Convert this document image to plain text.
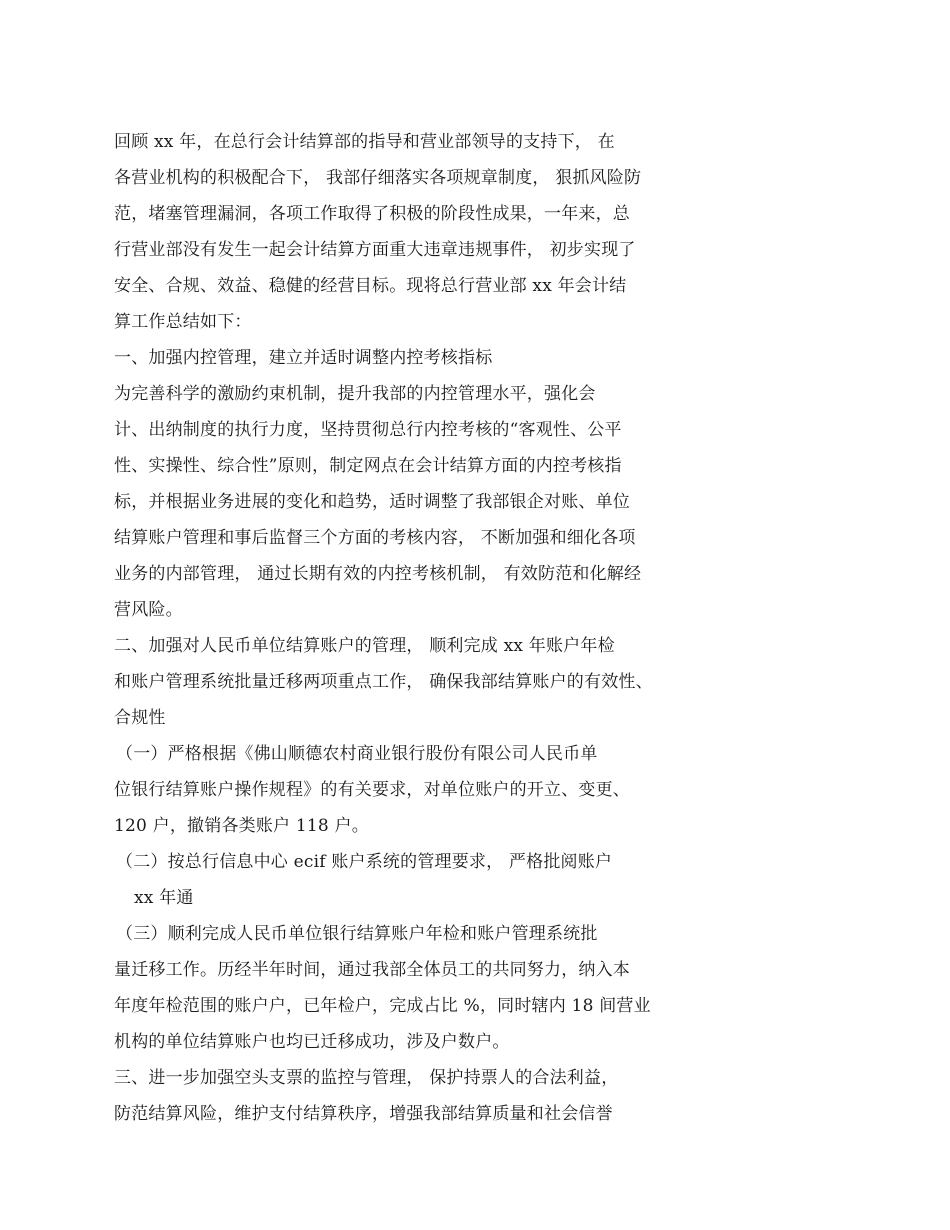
回顾 xx 年，在总行会计结算部的指导和营业部领导的支持下， 在
各营业机构的积极配合下， 我部仔细落实各项规章制度， 狠抓风险防
范，堵塞管理漏洞，各项工作取得了积极的阶段性成果，一年来，总
行营业部没有发生一起会计结算方面重大违章违规事件， 初步实现了
安全、合规、效益、稳健的经营目标。现将总行营业部 xx 年会计结
算工作总结如下：
一、加强内控管理，建立并适时调整内控考核指标
为完善科学的激励约束机制，提升我部的内控管理水平，强化会
计、出纳制度的执行力度，坚持贯彻总行内控考核的“客观性、公平
性、实操性、综合性”原则，制定网点在会计结算方面的内控考核指
标，并根据业务进展的变化和趋势，适时调整了我部银企对账、单位
结算账户管理和事后监督三个方面的考核内容， 不断加强和细化各项
业务的内部管理， 通过长期有效的内控考核机制， 有效防范和化解经
营风险。
二、加强对人民币单位结算账户的管理， 顺利完成 xx 年账户年检
和账户管理系统批量迁移两项重点工作， 确保我部结算账户的有效性、
合规性
（一）严格根据《佛山顺德农村商业银行股份有限公司人民币单
位银行结算账户操作规程》的有关要求，对单位账户的开立、变更、
120 户，撤销各类账户 118 户。
（二）按总行信息中心 ecif 账户系统的管理要求， 严格批阅账户
xx 年通
（三）顺利完成人民币单位银行结算账户年检和账户管理系统批
量迁移工作。历经半年时间，通过我部全体员工的共同努力，纳入本
年度年检范围的账户户，已年检户，完成占比 %，同时辖内 18 间营业
机构的单位结算账户也均已迁移成功，涉及户数户。
三、进一步加强空头支票的监控与管理， 保护持票人的合法利益，
防范结算风险，维护支付结算秩序，增强我部结算质量和社会信誉
